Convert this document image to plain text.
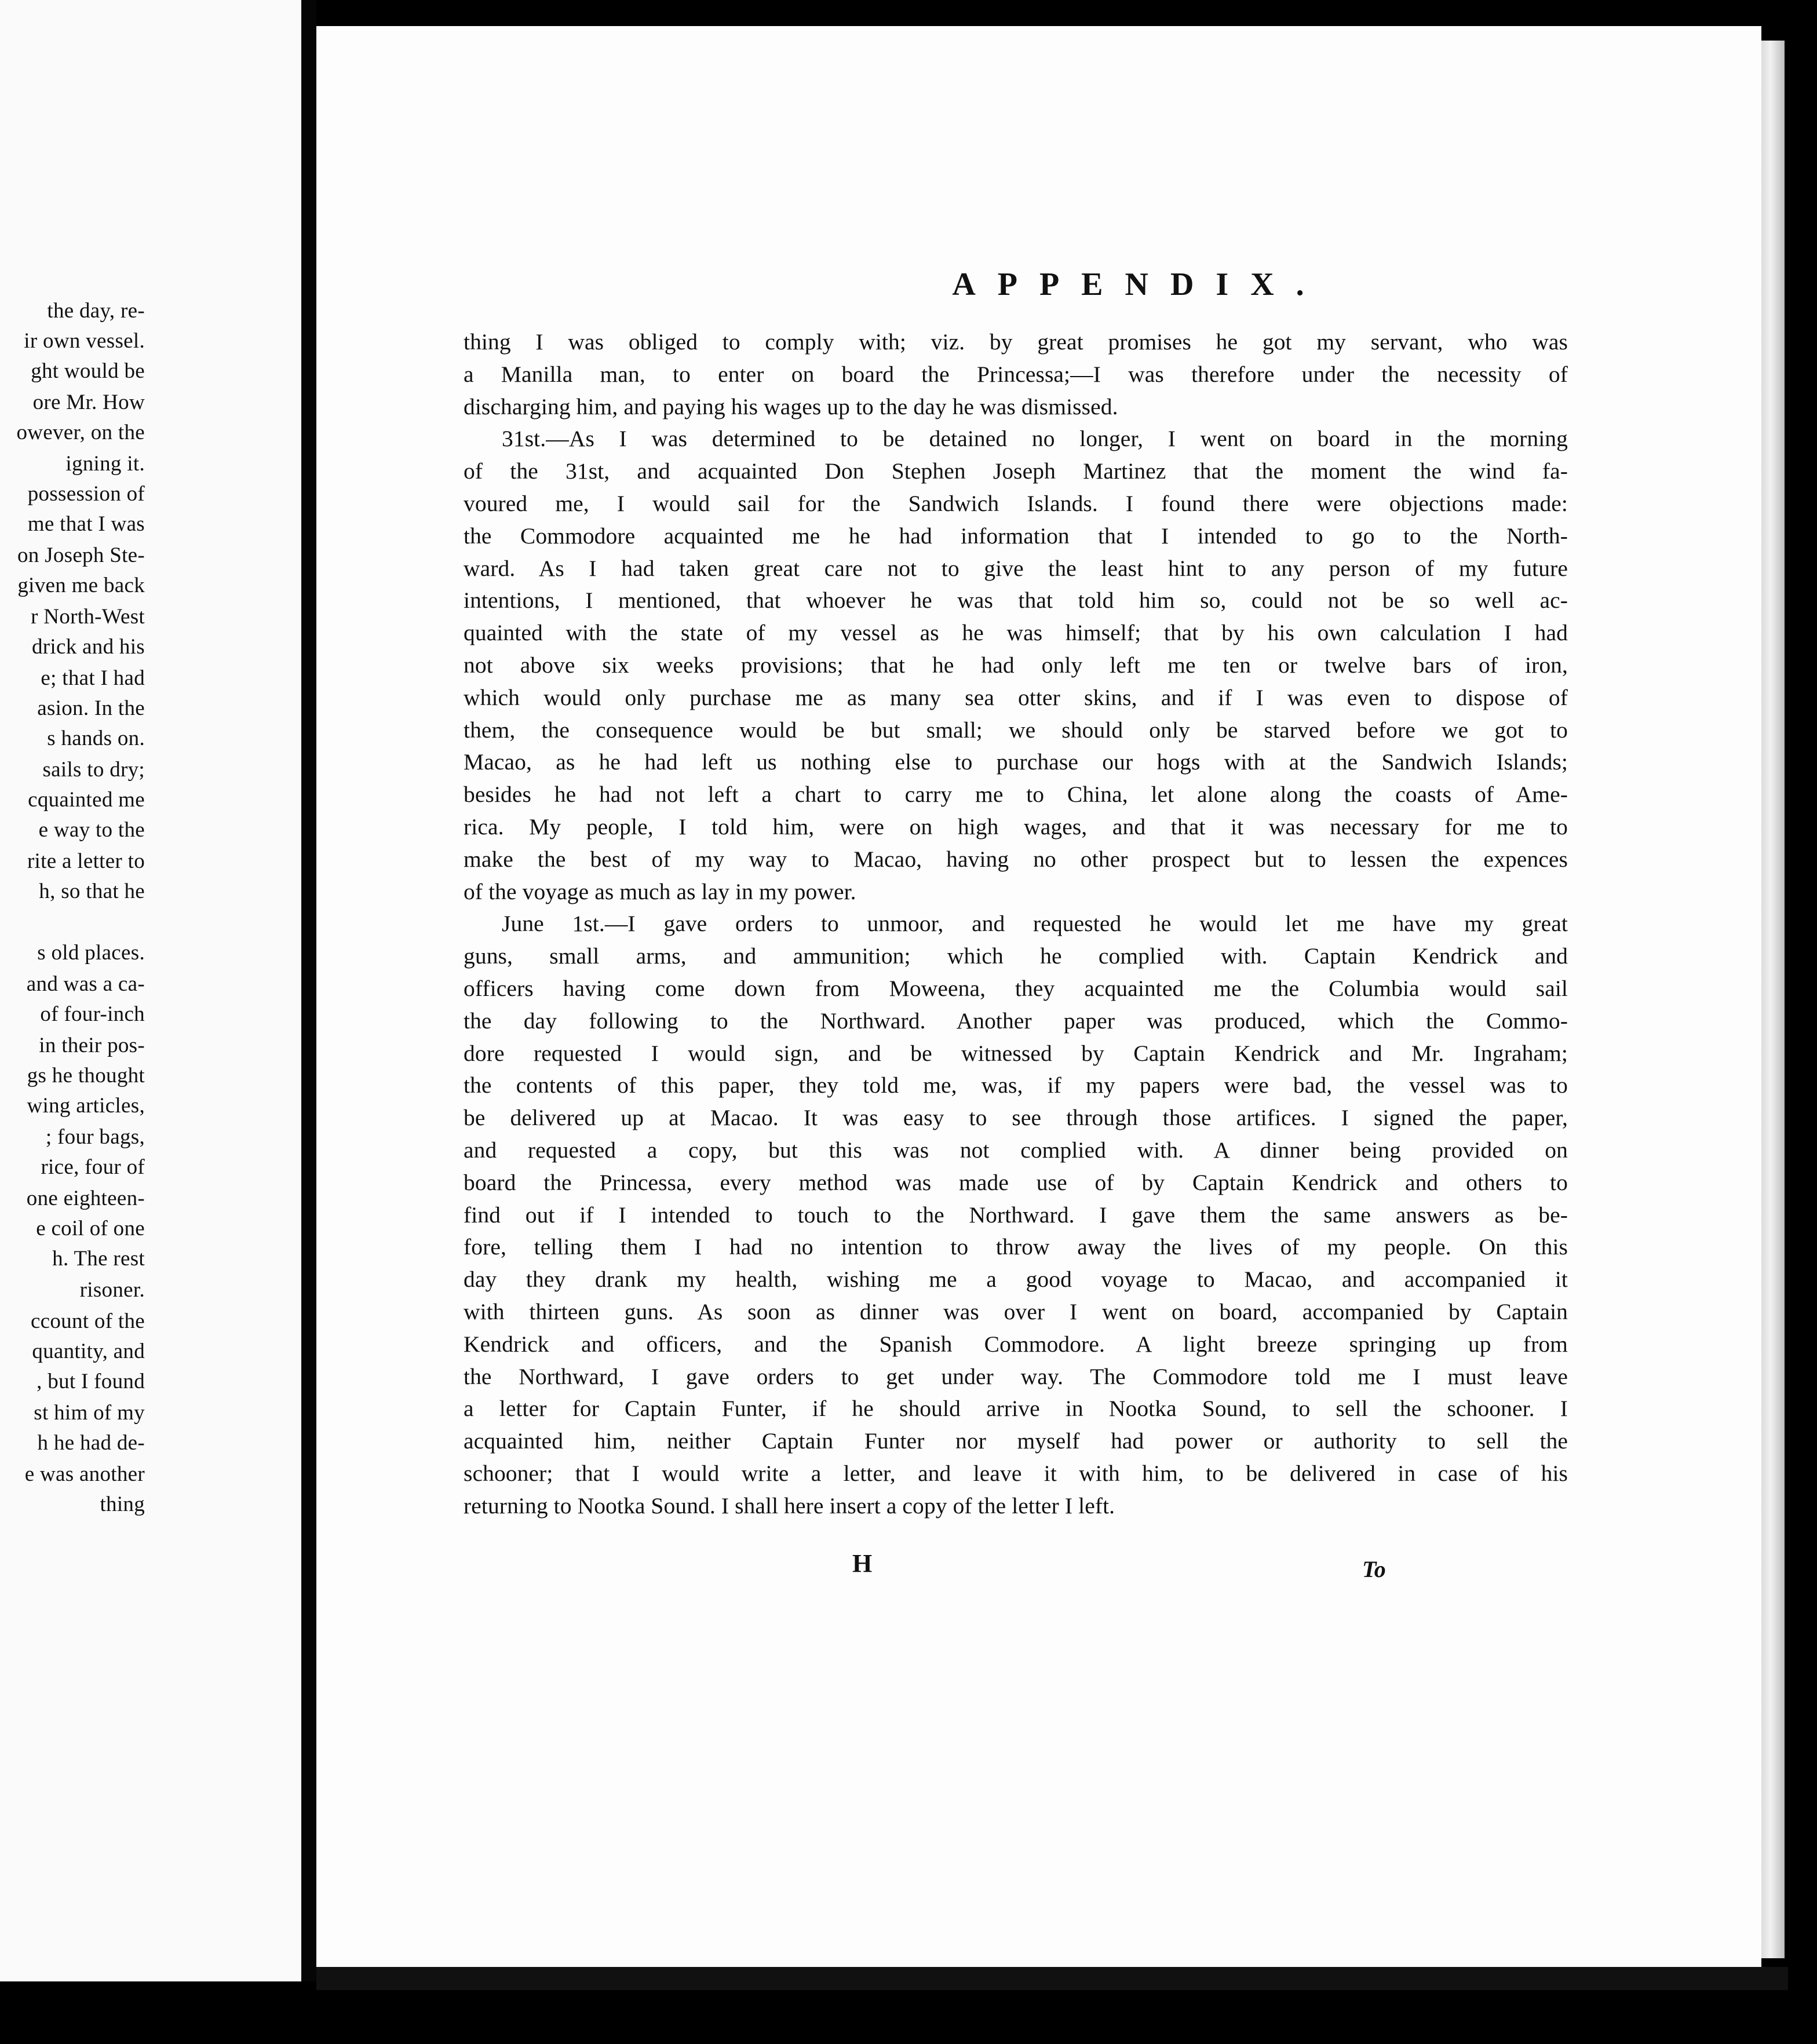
the day, re-
ir own vessel.
ght would be
ore Mr. How
owever, on the
igning it.
possession of
me that I was
on Joseph Ste-
given me back
r North-West
drick and his
e; that I had
asion. In the
s hands on.
sails to dry;
cquainted me
e way to the
rite a letter to
h, so that he
s old places.
and was a ca-
of four-inch
in their pos-
gs he thought
wing articles,
; four bags,
rice, four of
one eighteen-
e coil of one
h. The rest
risoner.
ccount of the
quantity, and
, but I found
st him of my
h he had de-
e was another
thing
APPENDIX.
thing I was obliged to comply with; viz. by great promises he got my servant, who was
a Manilla man, to enter on board the Princessa;—I was therefore under the necessity of
discharging him, and paying his wages up to the day he was dismissed.
31st.—As I was determined to be detained no longer, I went on board in the morning
of the 31st, and acquainted Don Stephen Joseph Martinez that the moment the wind fa-
voured me, I would sail for the Sandwich Islands. I found there were objections made:
the Commodore acquainted me he had information that I intended to go to the North-
ward. As I had taken great care not to give the least hint to any person of my future
intentions, I mentioned, that whoever he was that told him so, could not be so well ac-
quainted with the state of my vessel as he was himself; that by his own calculation I had
not above six weeks provisions; that he had only left me ten or twelve bars of iron,
which would only purchase me as many sea otter skins, and if I was even to dispose of
them, the consequence would be but small; we should only be starved before we got to
Macao, as he had left us nothing else to purchase our hogs with at the Sandwich Islands;
besides he had not left a chart to carry me to China, let alone along the coasts of Ame-
rica. My people, I told him, were on high wages, and that it was necessary for me to
make the best of my way to Macao, having no other prospect but to lessen the expences
of the voyage as much as lay in my power.
June 1st.—I gave orders to unmoor, and requested he would let me have my great
guns, small arms, and ammunition; which he complied with. Captain Kendrick and
officers having come down from Moweena, they acquainted me the Columbia would sail
the day following to the Northward. Another paper was produced, which the Commo-
dore requested I would sign, and be witnessed by Captain Kendrick and Mr. Ingraham;
the contents of this paper, they told me, was, if my papers were bad, the vessel was to
be delivered up at Macao. It was easy to see through those artifices. I signed the paper,
and requested a copy, but this was not complied with. A dinner being provided on
board the Princessa, every method was made use of by Captain Kendrick and others to
find out if I intended to touch to the Northward. I gave them the same answers as be-
fore, telling them I had no intention to throw away the lives of my people. On this
day they drank my health, wishing me a good voyage to Macao, and accompanied it
with thirteen guns. As soon as dinner was over I went on board, accompanied by Captain
Kendrick and officers, and the Spanish Commodore. A light breeze springing up from
the Northward, I gave orders to get under way. The Commodore told me I must leave
a letter for Captain Funter, if he should arrive in Nootka Sound, to sell the schooner. I
acquainted him, neither Captain Funter nor myself had power or authority to sell the
schooner; that I would write a letter, and leave it with him, to be delivered in case of his
returning to Nootka Sound. I shall here insert a copy of the letter I left.
H	To
